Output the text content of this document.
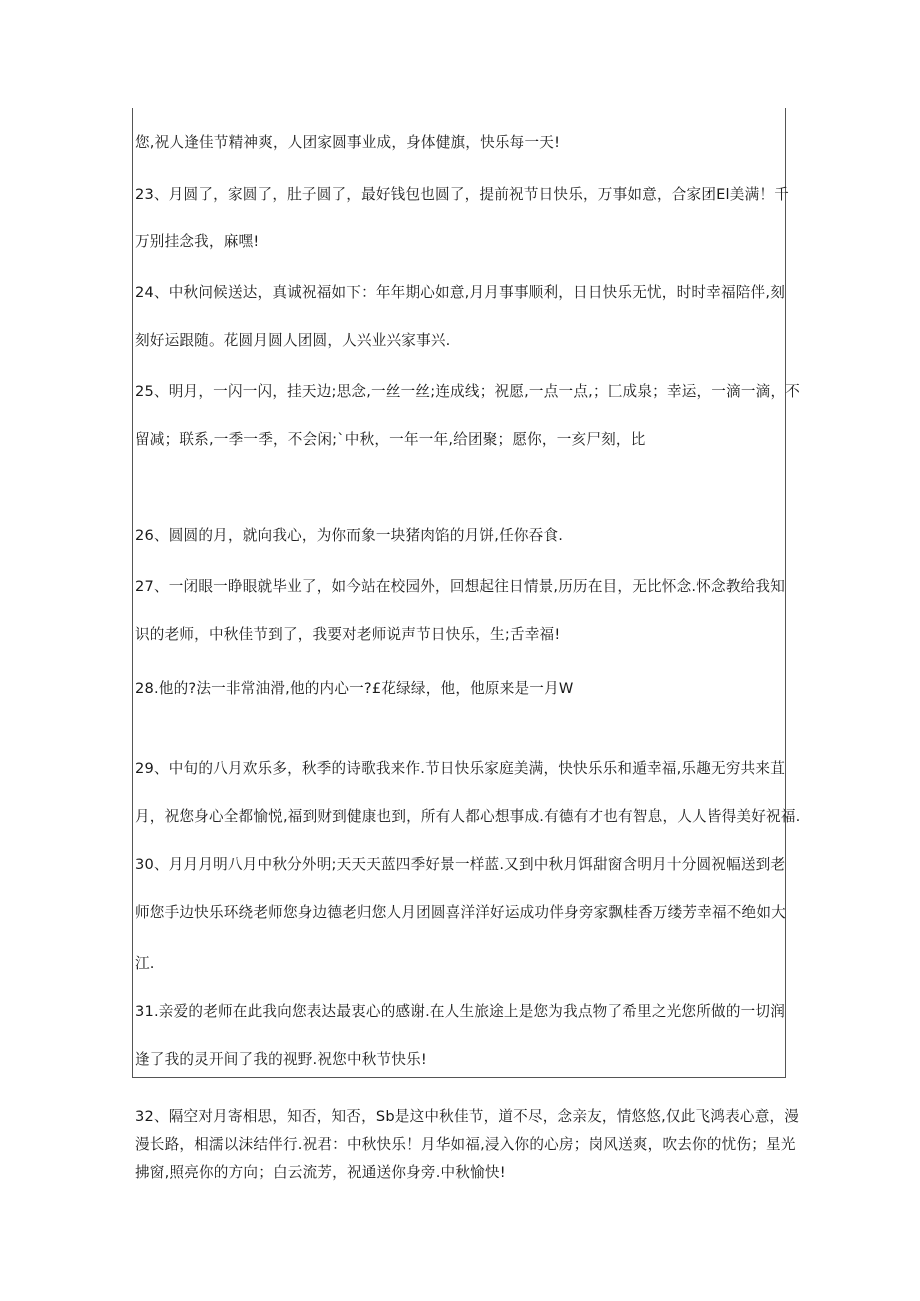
您,祝人逢佳节精神爽，人团家圆事业成，身体健旗，快乐每一天!
23、月圆了，家圆了，肚子圆了，最好钱包也圆了，提前祝节日快乐，万事如意，合家团El美满！千
万别挂念我，麻嘿!
24、中秋问候送达，真诚祝福如下：年年期心如意,月月事事顺利，日日快乐无忧，时时幸福陪伴,刻
刻好运跟随。花圆月圆人团圆，人兴业兴家事兴.
25、明月，一闪一闪，挂天边;思念,一丝一丝;连成线；祝愿,一点一点,；匚成泉；幸运，一滴一滴，不
留减；联系,一季一季，不会闲;`中秋，一年一年,给团聚；愿你，一亥尸刻，比
26、圆圆的月，就向我心，为你而象一块猪肉馅的月饼,任你吞食.
27、一闭眼一睁眼就毕业了，如今站在校园外，回想起往日情景,历历在目，无比怀念.怀念教给我知
识的老师，中秋佳节到了，我要对老师说声节日快乐，生;舌幸福!
28.他的?法一非常油滑,他的内心一?£花绿绿，他，他原来是一月W
29、中旬的八月欢乐多，秋季的诗歌我来作.节日快乐家庭美满，快快乐乐和遁幸福,乐趣无穷共来苴
月，祝您身心全都愉悦,福到财到健康也到，所有人都心想事成.有德有才也有智息，人人皆得美好祝福.
30、月月月明八月中秋分外明;天天天蓝四季好景一样蓝.又到中秋月饵甜窗含明月十分圆祝幅送到老
师您手边快乐环绕老师您身边德老归您人月团圆喜洋洋好运成功伴身旁家飘桂香万缕芳幸福不绝如大
江.
31.亲爱的老师在此我向您表达最衷心的感谢.在人生旅途上是您为我点物了希里之光您所做的一切润
逢了我的灵开间了我的视野.祝您中秋节快乐!
32、隔空对月寄相思，知否，知否，Sb是这中秋佳节，道不尽，念亲友，情悠悠,仅此飞鸿表心意，漫
漫长路，相濡以沫结伴行.祝君：中秋快乐！月华如福,浸入你的心房；岗风送爽，吹去你的忧伤；星光
拂窗,照亮你的方向；白云流芳，祝通送你身旁.中秋愉快!
